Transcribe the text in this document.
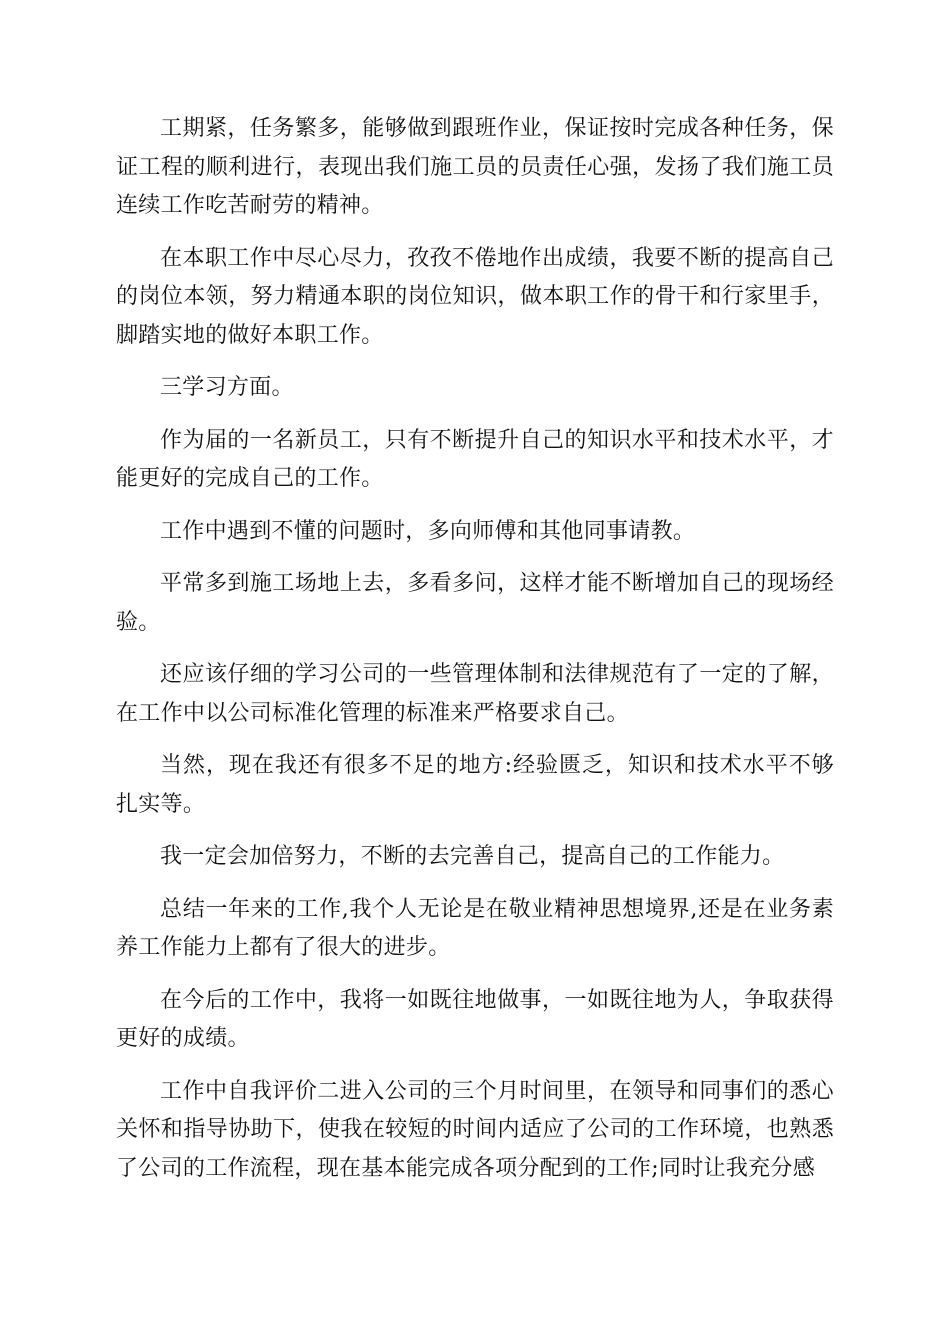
工期紧，任务繁多，能够做到跟班作业，保证按时完成各种任务，保证工程的顺利进行，表现出我们施工员的员责任心强，发扬了我们施工员连续工作吃苦耐劳的精神。

在本职工作中尽心尽力，孜孜不倦地作出成绩，我要不断的提高自己的岗位本领，努力精通本职的岗位知识，做本职工作的骨干和行家里手，脚踏实地的做好本职工作。

三学习方面。

作为届的一名新员工，只有不断提升自己的知识水平和技术水平，才能更好的完成自己的工作。

工作中遇到不懂的问题时，多向师傅和其他同事请教。

平常多到施工场地上去，多看多问，这样才能不断增加自己的现场经验。

还应该仔细的学习公司的一些管理体制和法律规范有了一定的了解，在工作中以公司标准化管理的标准来严格要求自己。

当然，现在我还有很多不足的地方:经验匮乏，知识和技术水平不够扎实等。

我一定会加倍努力，不断的去完善自己，提高自己的工作能力。

总结一年来的工作,我个人无论是在敬业精神思想境界,还是在业务素养工作能力上都有了很大的进步。

在今后的工作中，我将一如既往地做事，一如既往地为人，争取获得更好的成绩。

工作中自我评价二进入公司的三个月时间里，在领导和同事们的悉心关怀和指导协助下，使我在较短的时间内适应了公司的工作环境，也熟悉了公司的工作流程，现在基本能完成各项分配到的工作;同时让我充分感
